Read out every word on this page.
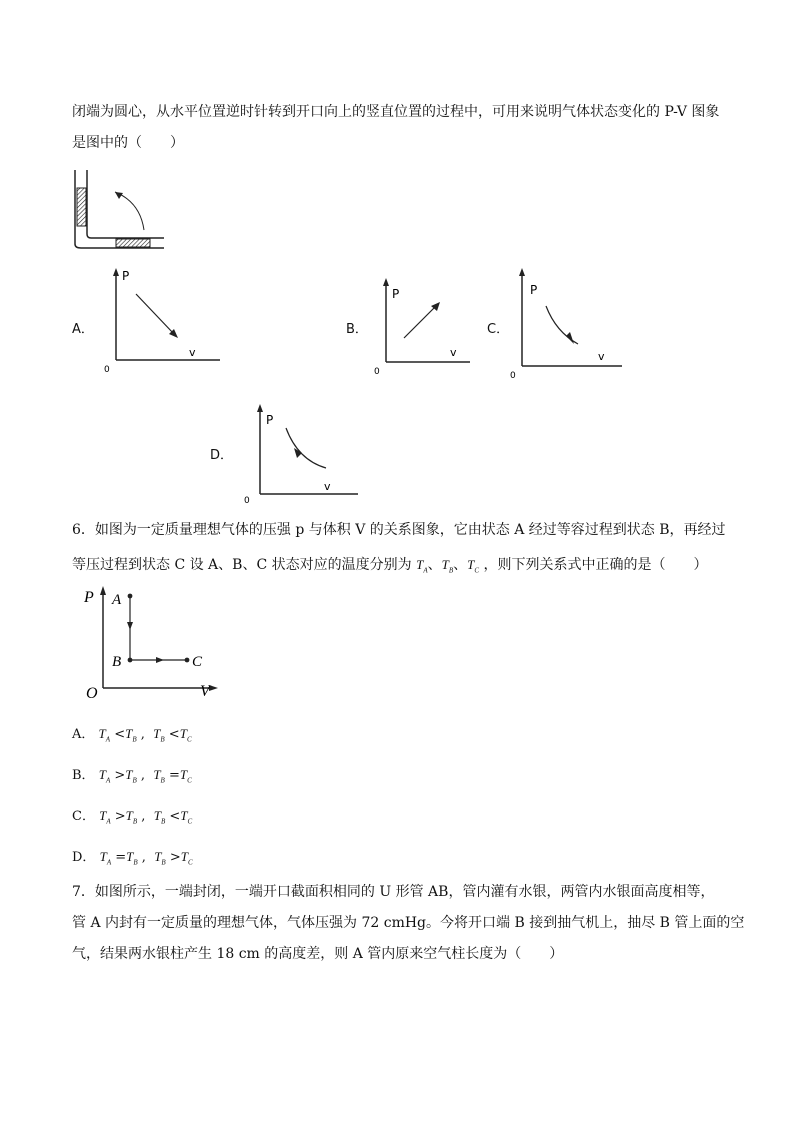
闭端为圆心，从水平位置逆时针转到开口向上的竖直位置的过程中，可用来说明气体状态变化的 P-V 图象
是图中的（　　）
A．
P
v
0
B．
P
v
0
C．
P
v
0
D．
P
v
0
6．如图为一定质量理想气体的压强 p 与体积 V 的关系图象，它由状态 A 经过等容过程到状态 B，再经过
等压过程到状态 C 设 A、B、C 状态对应的温度分别为 $T_A$、$T_B$、$T_C$ ，则下列关系式中正确的是（　　）
P
V
O
A
B	C
A． $T_A <T_B$ ,  $T_B <T_C$
B． $T_A >T_B$ ,  $T_B =T_C$
C． $T_A >T_B$ ,  $T_B <T_C$
D． $T_A =T_B$ ,  $T_B >T_C$
7．如图所示，一端封闭，一端开口截面积相同的 U 形管 AB，管内灌有水银，两管内水银面高度相等，
管 A 内封有一定质量的理想气体，气体压强为 72 cmHg。今将开口端 B 接到抽气机上，抽尽 B 管上面的空
气，结果两水银柱产生 18 cm 的高度差，则 A 管内原来空气柱长度为（　　）
